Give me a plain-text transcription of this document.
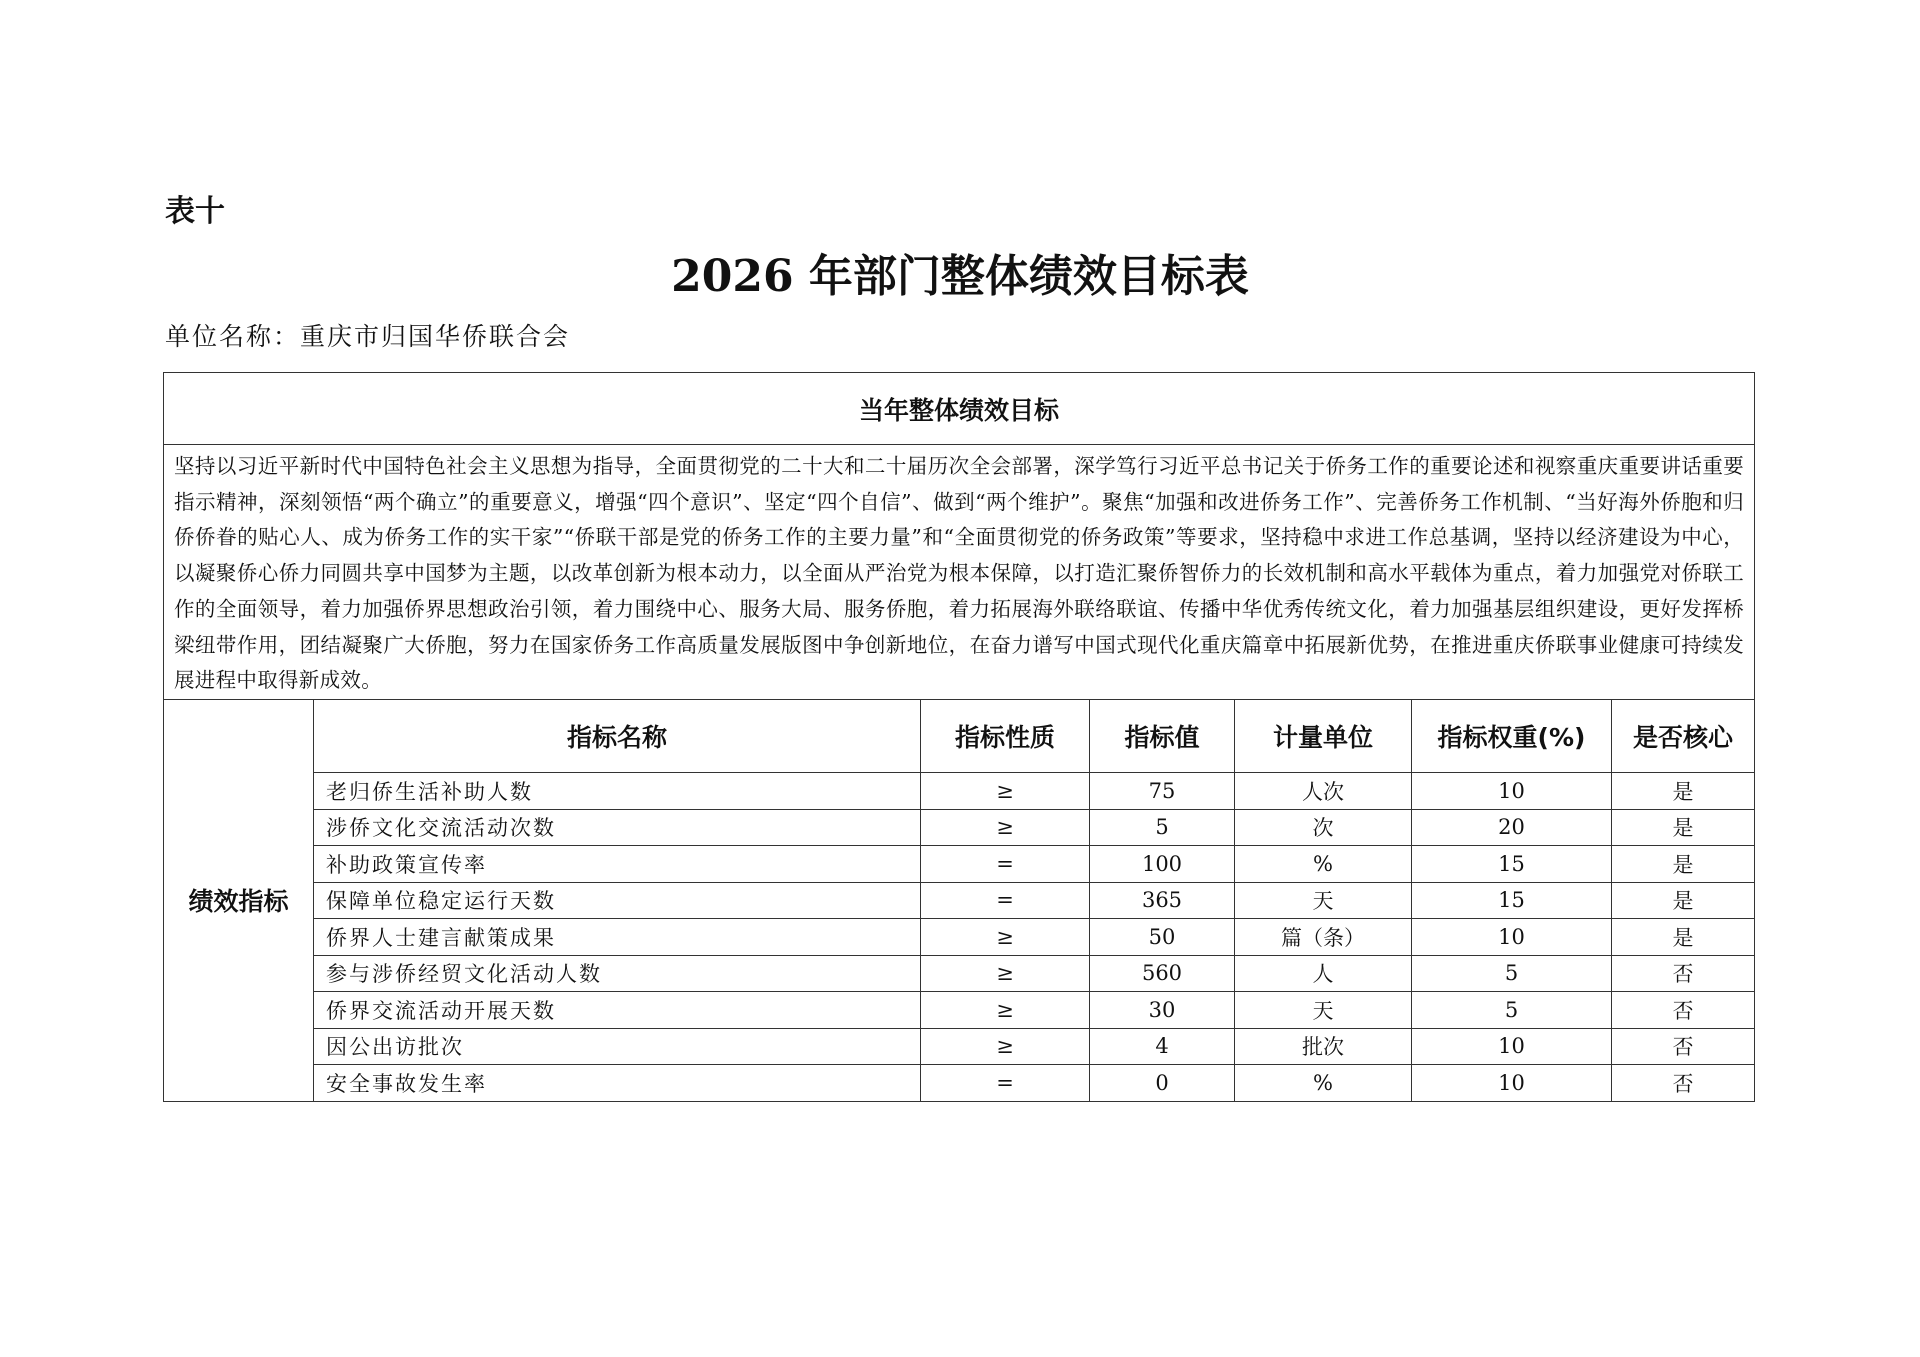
表十
2026 年部门整体绩效目标表

单位名称：重庆市归国华侨联合会

当年整体绩效目标						
坚持以习近平新时代中国特色社会主义思想为指导，全面贯彻党的二十大和二十届历次全会部署，深学笃行习近平总书记关于侨务工作的重要论述和视察重庆重要讲话重要指示精神，深刻领悟“两个确立”的重要意义，增强“四个意识”、坚定“四个自信”、做到“两个维护”。聚焦“加强和改进侨务工作”、完善侨务工作机制、“当好海外侨胞和归侨侨眷的贴心人、成为侨务工作的实干家”“侨联干部是党的侨务工作的主要力量”和“全面贯彻党的侨务政策”等要求，坚持稳中求进工作总基调，坚持以经济建设为中心，以凝聚侨心侨力同圆共享中国梦为主题，以改革创新为根本动力，以全面从严治党为根本保障，以打造汇聚侨智侨力的长效机制和高水平载体为重点，着力加强党对侨联工作的全面领导，着力加强侨界思想政治引领，着力围绕中心、服务大局、服务侨胞，着力拓展海外联络联谊、传播中华优秀传统文化，着力加强基层组织建设，更好发挥桥梁纽带作用，团结凝聚广大侨胞，努力在国家侨务工作高质量发展版图中争创新地位，在奋力谱写中国式现代化重庆篇章中拓展新优势，在推进重庆侨联事业健康可持续发展进程中取得新成效。						
绩效指标	指标名称	指标性质	指标值	计量单位	指标权重(%)	是否核心
	老归侨生活补助人数	≥	75	人次	10	是
	涉侨文化交流活动次数	≥	5	次	20	是
	补助政策宣传率	=	100	%	15	是
	保障单位稳定运行天数	=	365	天	15	是
	侨界人士建言献策成果	≥	50	篇（条）	10	是
	参与涉侨经贸文化活动人数	≥	560	人	5	否
	侨界交流活动开展天数	≥	30	天	5	否
	因公出访批次	≥	4	批次	10	否
	安全事故发生率	=	0	%	10	否
